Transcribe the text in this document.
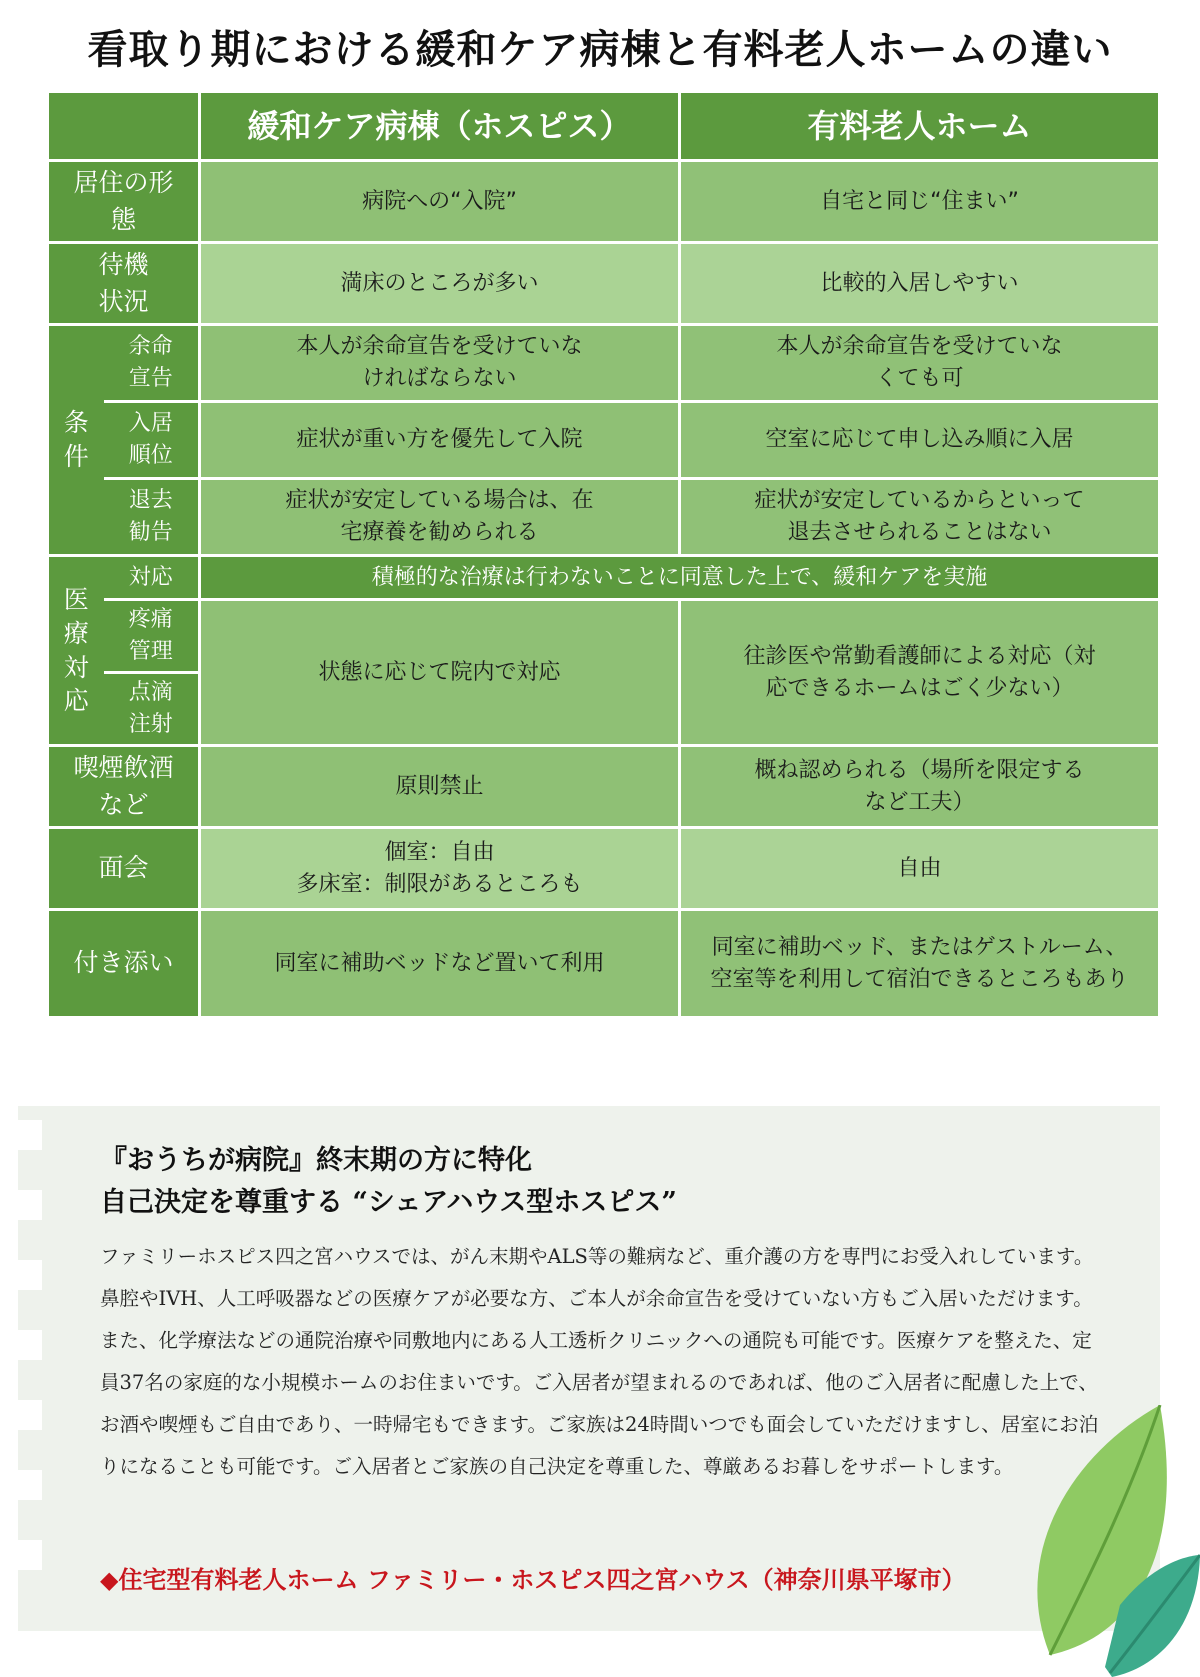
看取り期における緩和ケア病棟と有料老人ホームの違い
		緩和ケア病棟（ホスピス）	有料老人ホーム

居住の形態		病院への“入院”	自宅と同じ“住まい”

待機状況		満床のところが多い	比較的入居しやすい

条件	余命宣告	本人が余命宣告を受けていなければならない	本人が余命宣告を受けていなくても可

	入居順位	症状が重い方を優先して入院	空室に応じて申し込み順に入居

	退去勧告	症状が安定している場合は、在宅療養を勧められる	症状が安定しているからといって退去させられることはない

医療対応	対応	積極的な治療は行わないことに同意した上で、緩和ケアを実施	

	疼痛管理	状態に応じて院内で対応	往診医や常勤看護師による対応（対応できるホームはごく少ない）

	点滴注射		

喫煙飲酒など		原則禁止	概ね認められる（場所を限定するなど工夫）

面会		個室：自由
多床室：制限があるところも	自由
付き添い		同室に補助ベッドなど置いて利用	同室に補助ベッド、またはゲストルーム、空室等を利用して宿泊できるところもあり
『おうちが病院』終末期の方に特化
自己決定を尊重する “シェアハウス型ホスピス”
ファミリーホスピス四之宮ハウスでは、がん末期やALS等の難病など、重介護の方を専門にお受入れしています。鼻腔やIVH、人工呼吸器などの医療ケアが必要な方、ご本人が余命宣告を受けていない方もご入居いただけます。また、化学療法などの通院治療や同敷地内にある人工透析クリニックへの通院も可能です。医療ケアを整えた、定員37名の家庭的な小規模ホームのお住まいです。ご入居者が望まれるのであれば、他のご入居者に配慮した上で、お酒や喫煙もご自由であり、一時帰宅もできます。ご家族は24時間いつでも面会していただけますし、居室にお泊りになることも可能です。ご入居者とご家族の自己決定を尊重した、尊厳あるお暮しをサポートします。
◆住宅型有料老人ホーム ファミリー・ホスピス四之宮ハウス（神奈川県平塚市）
